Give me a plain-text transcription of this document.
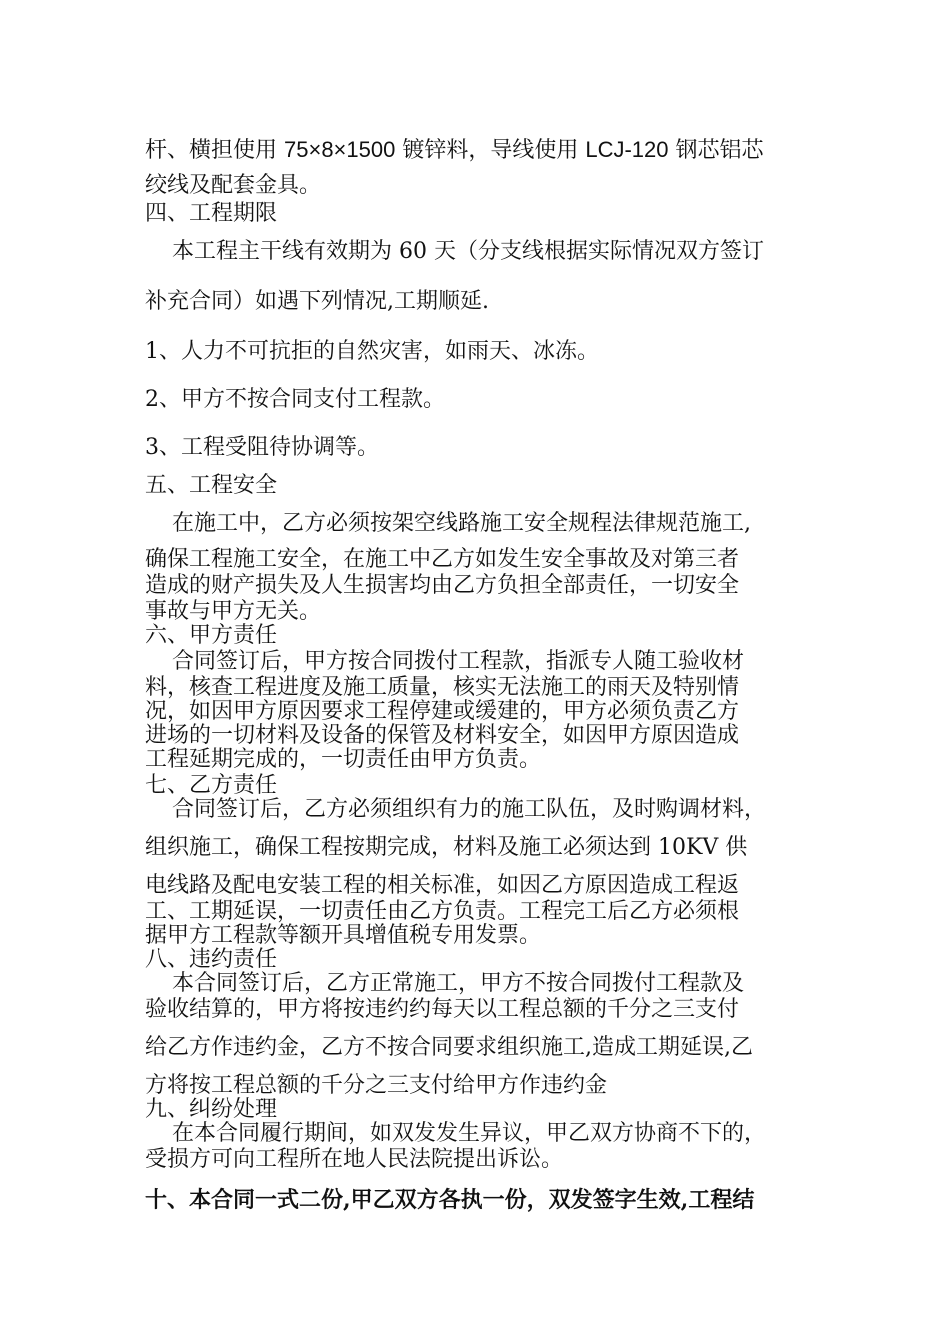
杆、横担使用 75×8×1500 镀锌料，导线使用 LCJ-120 钢芯铝芯
绞线及配套金具。
四、工程期限
本工程主干线有效期为 60 天（分支线根据实际情况双方签订
补充合同）如遇下列情况,工期顺延.
1、人力不可抗拒的自然灾害，如雨天、冰冻。
2、甲方不按合同支付工程款。
3、工程受阻待协调等。
五、工程安全
在施工中，乙方必须按架空线路施工安全规程法律规范施工,
确保工程施工安全，在施工中乙方如发生安全事故及对第三者
造成的财产损失及人生损害均由乙方负担全部责任，一切安全
事故与甲方无关。
六、甲方责任
合同签订后，甲方按合同拨付工程款，指派专人随工验收材
料，核查工程进度及施工质量，核实无法施工的雨天及特别情
况，如因甲方原因要求工程停建或缓建的，甲方必须负责乙方
进场的一切材料及设备的保管及材料安全，如因甲方原因造成
工程延期完成的，一切责任由甲方负责。
七、乙方责任
合同签订后，乙方必须组织有力的施工队伍，及时购调材料，
组织施工，确保工程按期完成，材料及施工必须达到 10KV 供
电线路及配电安装工程的相关标准，如因乙方原因造成工程返
工、工期延误，一切责任由乙方负责。工程完工后乙方必须根
据甲方工程款等额开具增值税专用发票。
八、违约责任
本合同签订后，乙方正常施工，甲方不按合同拨付工程款及
验收结算的，甲方将按违约约每天以工程总额的千分之三支付
给乙方作违约金，乙方不按合同要求组织施工,造成工期延误,乙
方将按工程总额的千分之三支付给甲方作违约金
九、纠纷处理
在本合同履行期间，如双发发生异议，甲乙双方协商不下的，
受损方可向工程所在地人民法院提出诉讼。
十、本合同一式二份,甲乙双方各执一份，双发签字生效,工程结
